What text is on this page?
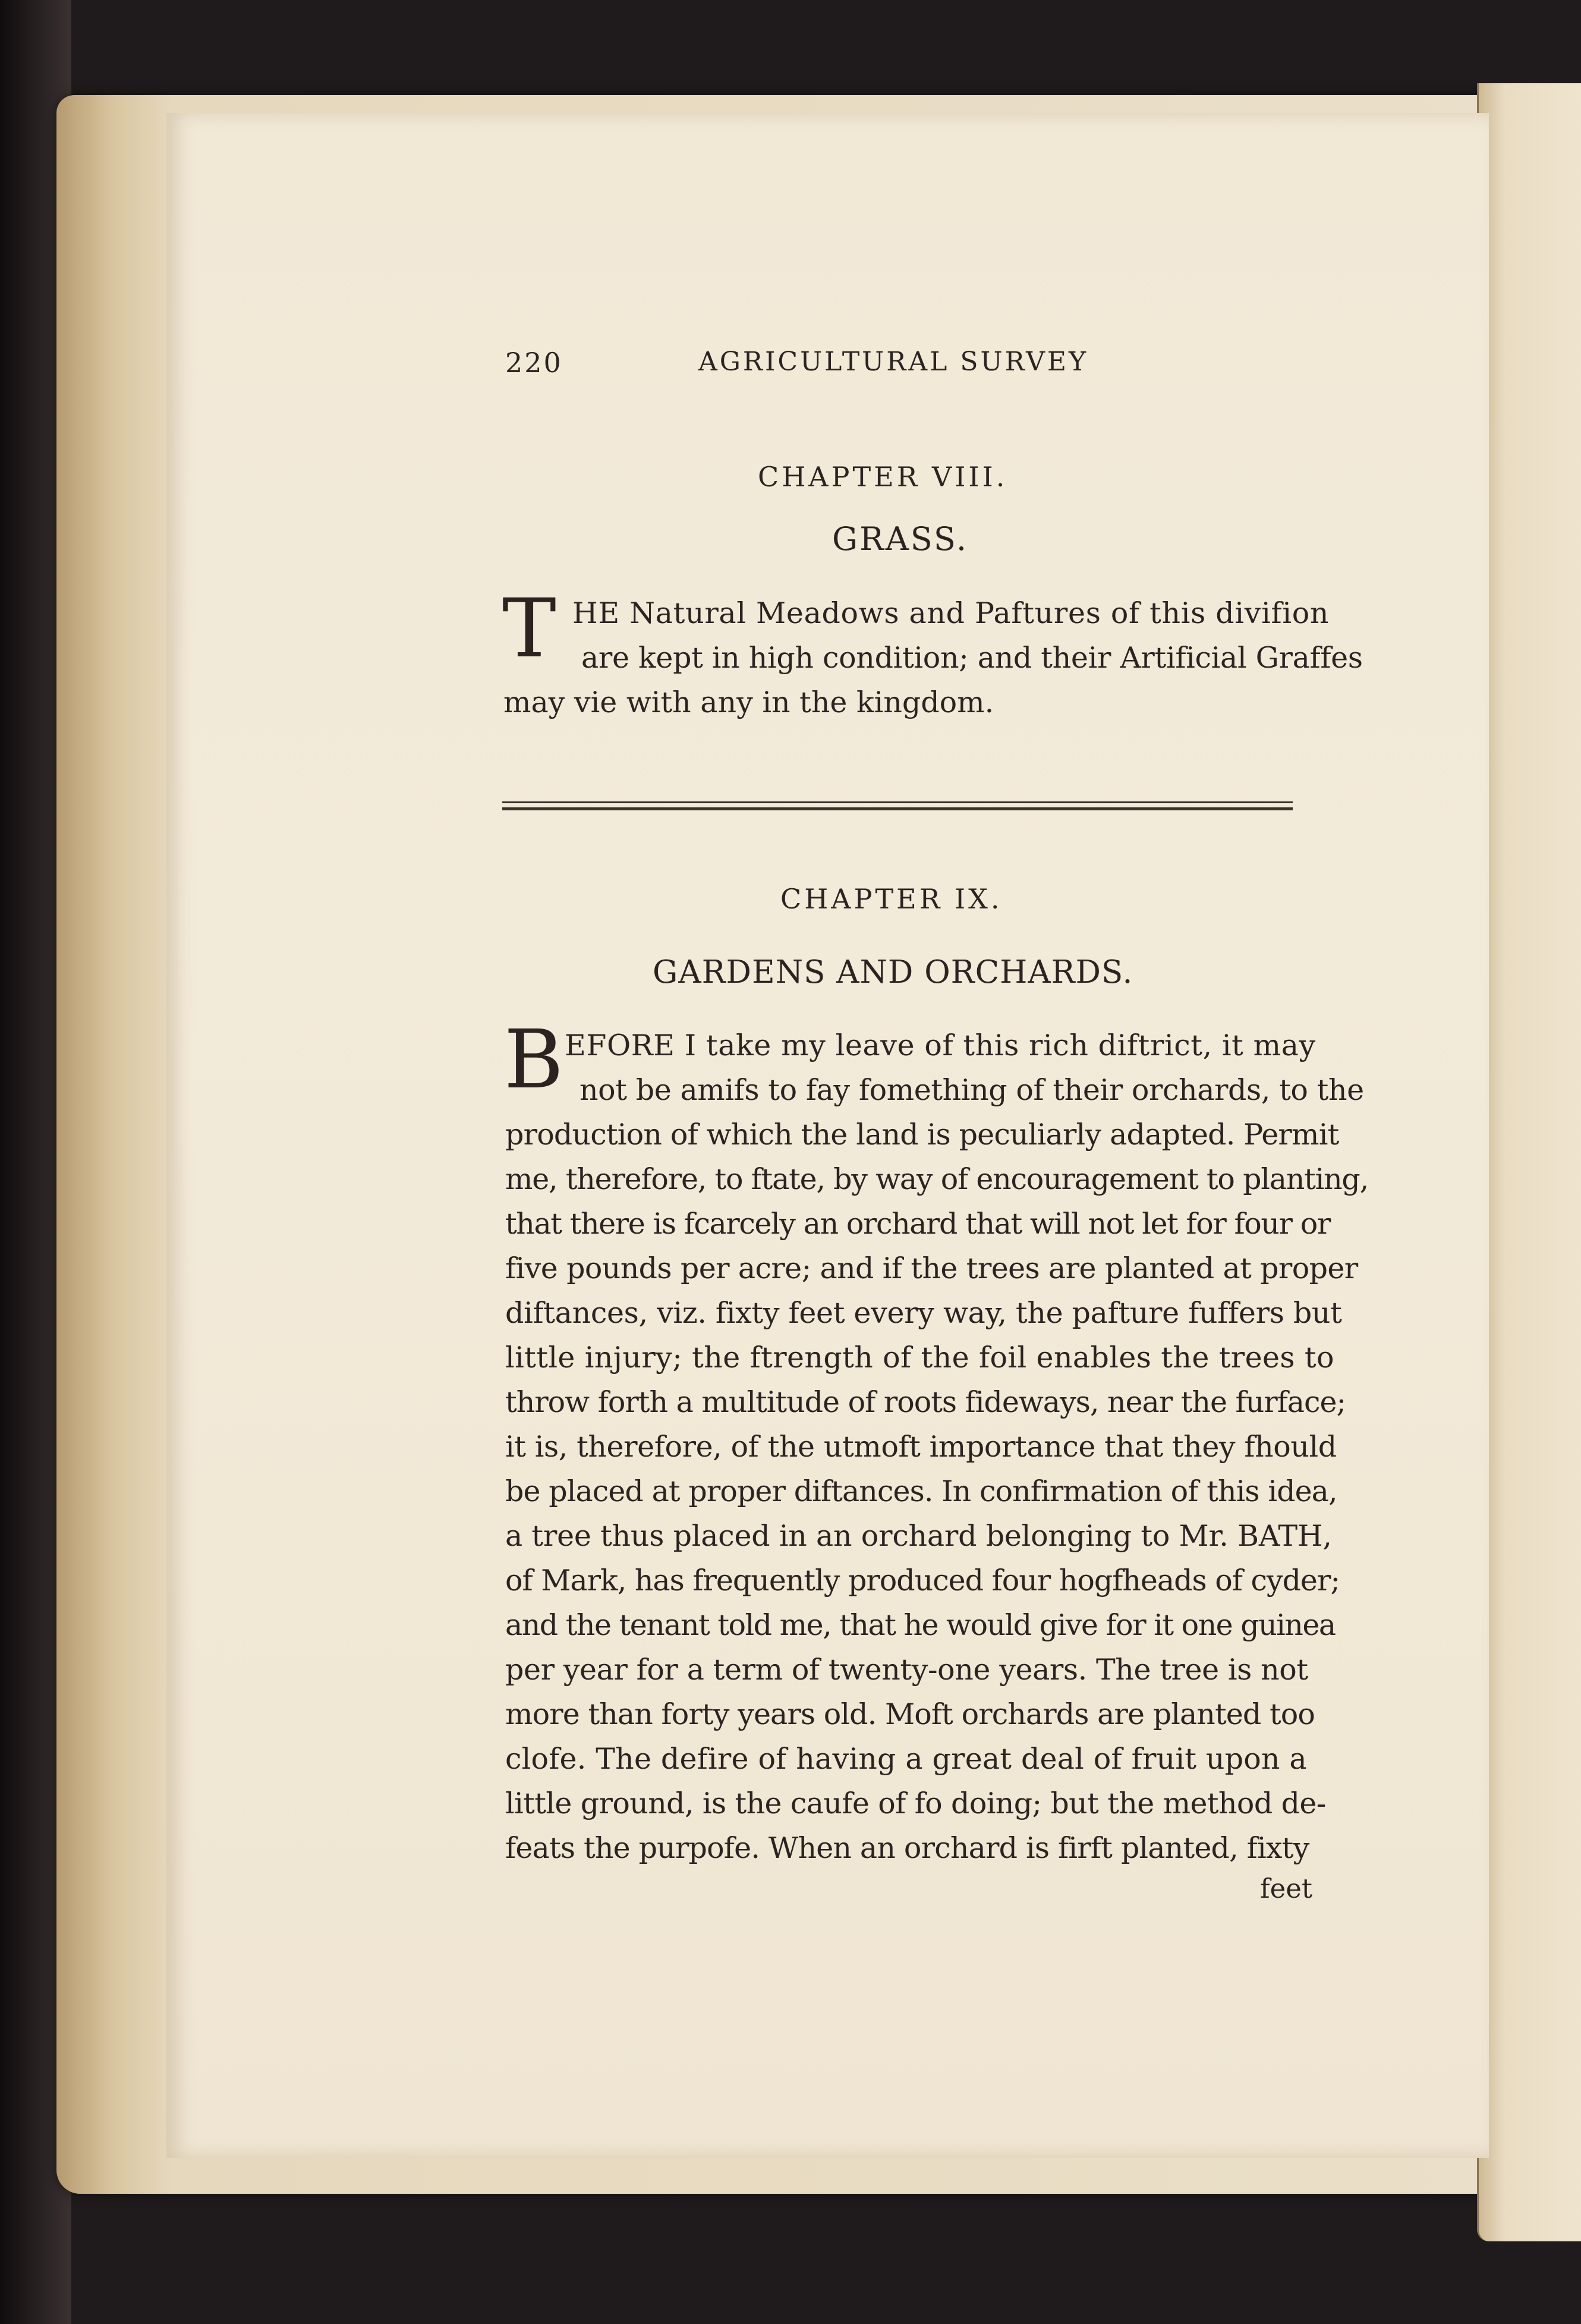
220	AGRICULTURAL SURVEY
CHAPTER VIII.
GRASS.
T HE Natural Meadows and Paftures of this divifion
are kept in high condition; and their Artificial Graffes
may vie with any in the kingdom.
CHAPTER IX.
GARDENS AND ORCHARDS.
B EFORE I take my leave of this rich diftrict, it may
not be amifs to fay fomething of their orchards, to the
production of which the land is peculiarly adapted. Permit
me, therefore, to ftate, by way of encouragement to planting,
that there is fcarcely an orchard that will not let for four or
five pounds per acre; and if the trees are planted at proper
diftances, viz. fixty feet every way, the pafture fuffers but
little injury; the ftrength of the foil enables the trees to
throw forth a multitude of roots fideways, near the furface;
it is, therefore, of the utmoft importance that they fhould
be placed at proper diftances. In confirmation of this idea,
a tree thus placed in an orchard belonging to Mr. BATH,
of Mark, has frequently produced four hogfheads of cyder;
and the tenant told me, that he would give for it one guinea
per year for a term of twenty-one years. The tree is not
more than forty years old. Moft orchards are planted too
clofe. The defire of having a great deal of fruit upon a
little ground, is the caufe of fo doing; but the method de-
feats the purpofe. When an orchard is firft planted, fixty
feet
